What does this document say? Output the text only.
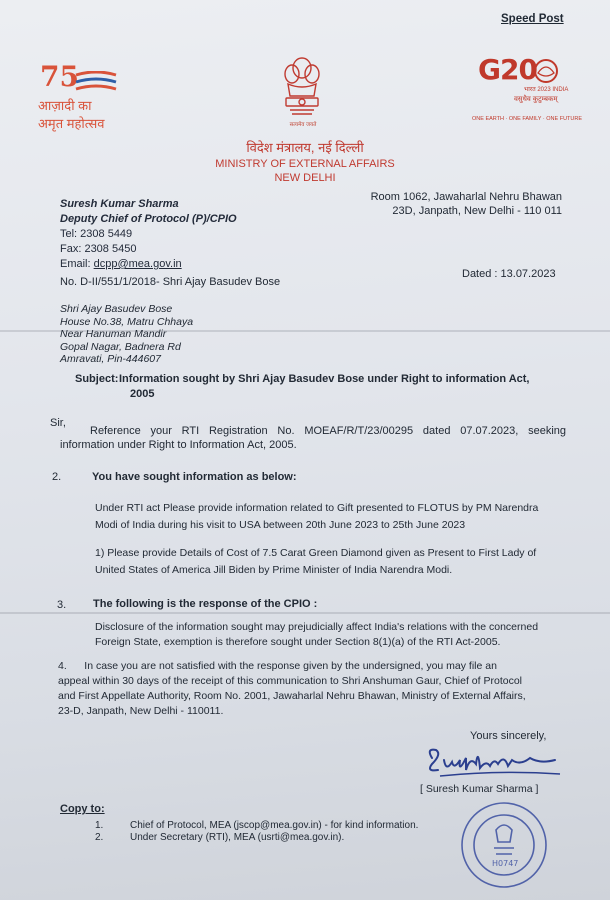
Speed Post
75
आज़ादी का
अमृत महोत्सव	सत्यमेव जयते
G20
भारत 2023 INDIA
वसुधैव कुटुम्बकम्
ONE EARTH · ONE FAMILY · ONE FUTURE
विदेश मंत्रालय, नई दिल्ली
MINISTRY OF EXTERNAL AFFAIRS
NEW DELHI
Suresh Kumar Sharma
Deputy Chief of Protocol (P)/CPIO
Tel: 2308 5449
Fax: 2308 5450
Email: dcpp@mea.gov.in
Room 1062, Jawaharlal Nehru Bhawan
23D, Janpath, New Delhi - 110 011
No. D-II/551/1/2018- Shri Ajay Basudev Bose
Dated : 13.07.2023
Shri Ajay Basudev Bose
House No.38, Matru Chhaya
Near Hanuman Mandir
Gopal Nagar, Badnera Rd
Amravati, Pin-444607
Subject:Information sought by Shri Ajay Basudev Bose under Right to information Act,
2005
Sir,
Reference your RTI Registration No. MOEAF/R/T/23/00295 dated 07.07.2023, seeking information under Right to Information Act, 2005.
2.	You have sought information as below:
Under RTI act Please provide information related to Gift presented to FLOTUS by PM Narendra
Modi of India during his visit to USA between 20th June 2023 to 25th June 2023
1) Please provide Details of Cost of 7.5 Carat Green Diamond given as Present to First Lady of
United States of America Jill Biden by Prime Minister of India Narendra Modi.
3. The following is the response of the CPIO :
Disclosure of the information sought may prejudicially affect India's relations with the concerned
Foreign State, exemption is therefore sought under Section 8(1)(a) of the RTI Act-2005.
4. In case you are not satisfied with the response given by the undersigned, you may file an
appeal within 30 days of the receipt of this communication to Shri Anshuman Gaur, Chief of Protocol
and First Appellate Authority, Room No. 2001, Jawaharlal Nehru Bhawan, Ministry of External Affairs,
23-D, Janpath, New Delhi - 110011.
Yours sincerely,
[ Suresh Kumar Sharma ]
Copy to:
1.	Chief of Protocol, MEA (jscop@mea.gov.in) - for kind information.
2.	Under Secretary (RTI), MEA (usrti@mea.gov.in).
H0747
